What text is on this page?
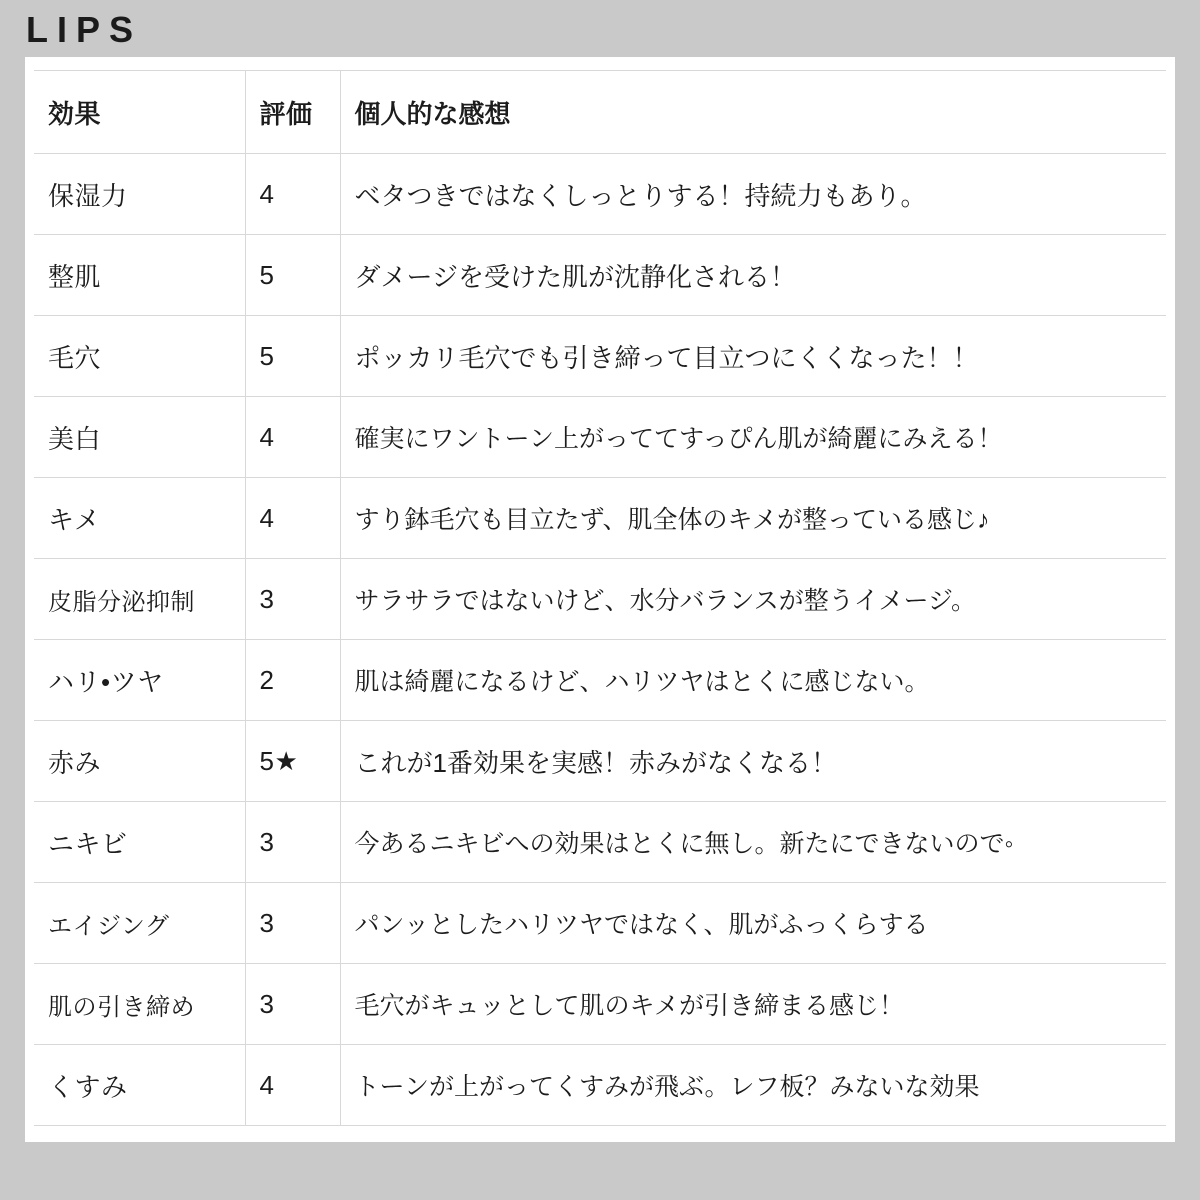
LIPS
効果	評価	個人的な感想

保湿力	4	ベタつきではなくしっとりする！持続力もあり。

整肌	5	ダメージを受けた肌が沈静化される！

毛穴	5	ポッカリ毛穴でも引き締って目立つにくくなった！！

美白	4	確実にワントーン上がっててすっぴん肌が綺麗にみえる！

キメ	4	すり鉢毛穴も目立たず、肌全体のキメが整っている感じ♪

皮脂分泌抑制	3	サラサラではないけど、水分バランスが整うイメージ。

ハリ•ツヤ	2	肌は綺麗になるけど、ハリツヤはとくに感じない。

赤み	5★	これが1番効果を実感！赤みがなくなる！

ニキビ	3	今あるニキビへの効果はとくに無し。新たにできないので◦

エイジング	3	パンッとしたハリツヤではなく、肌がふっくらする

肌の引き締め	3	毛穴がキュッとして肌のキメが引き締まる感じ！

くすみ	4	トーンが上がってくすみが飛ぶ。レフ板？みないな効果
